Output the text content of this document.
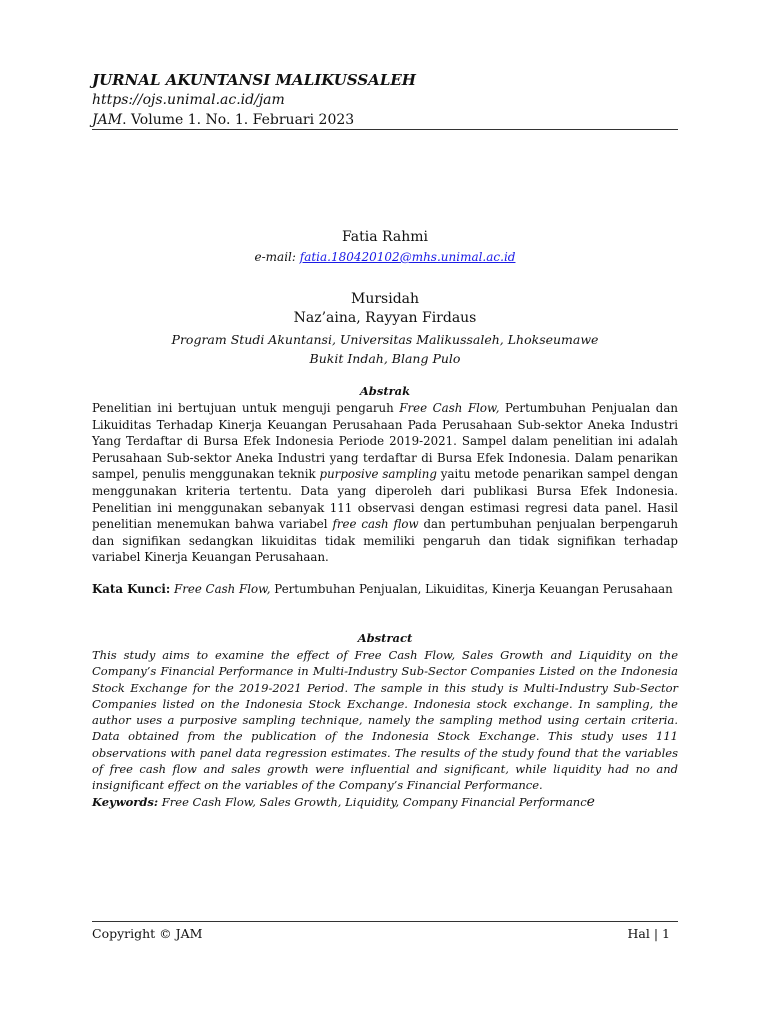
JURNAL AKUNTANSI MALIKUSSALEH
https://ojs.unimal.ac.id/jam
JAM. Volume 1. No. 1. Februari 2023
Fatia Rahmi
e-mail: fatia.180420102@mhs.unimal.ac.id
Mursidah
Naz’aina, Rayyan Firdaus
Program Studi Akuntansi, Universitas Malikussaleh, Lhokseumawe
Bukit Indah, Blang Pulo
Abstrak
Penelitian ini bertujuan untuk menguji pengaruh Free Cash Flow, Pertumbuhan Penjualan dan Likuiditas Terhadap Kinerja Keuangan Perusahaan Pada Perusahaan Sub-sektor Aneka Industri Yang Terdaftar di Bursa Efek Indonesia Periode 2019-2021. Sampel dalam penelitian ini adalah Perusahaan Sub-sektor Aneka Industri yang terdaftar di Bursa Efek Indonesia. Dalam penarikan sampel, penulis menggunakan teknik purposive sampling yaitu metode penarikan sampel dengan menggunakan kriteria tertentu. Data yang diperoleh dari publikasi Bursa Efek Indonesia. Penelitian ini menggunakan sebanyak 111 observasi dengan estimasi regresi data panel. Hasil penelitian menemukan bahwa variabel free cash flow dan pertumbuhan penjualan berpengaruh dan signifikan sedangkan likuiditas tidak memiliki pengaruh dan tidak signifikan terhadap variabel Kinerja Keuangan Perusahaan.
Kata Kunci: Free Cash Flow, Pertumbuhan Penjualan, Likuiditas, Kinerja Keuangan Perusahaan
Abstract
This study aims to examine the effect of Free Cash Flow, Sales Growth and Liquidity on the Company’s Financial Performance in Multi-Industry Sub-Sector Companies Listed on the Indonesia Stock Exchange for the 2019-2021 Period. The sample in this study is Multi-Industry Sub-Sector Companies listed on the Indonesia Stock Exchange. Indonesia stock exchange. In sampling, the author uses a purposive sampling technique, namely the sampling method using certain criteria. Data obtained from the publication of the Indonesia Stock Exchange. This study uses 111 observations with panel data regression estimates. The results of the study found that the variables of free cash flow and sales growth were influential and significant, while liquidity had no and insignificant effect on the variables of the Company’s Financial Performance.
Keywords: Free Cash Flow, Sales Growth, Liquidity, Company Financial Performance
Copyright © JAM	Hal | 1
